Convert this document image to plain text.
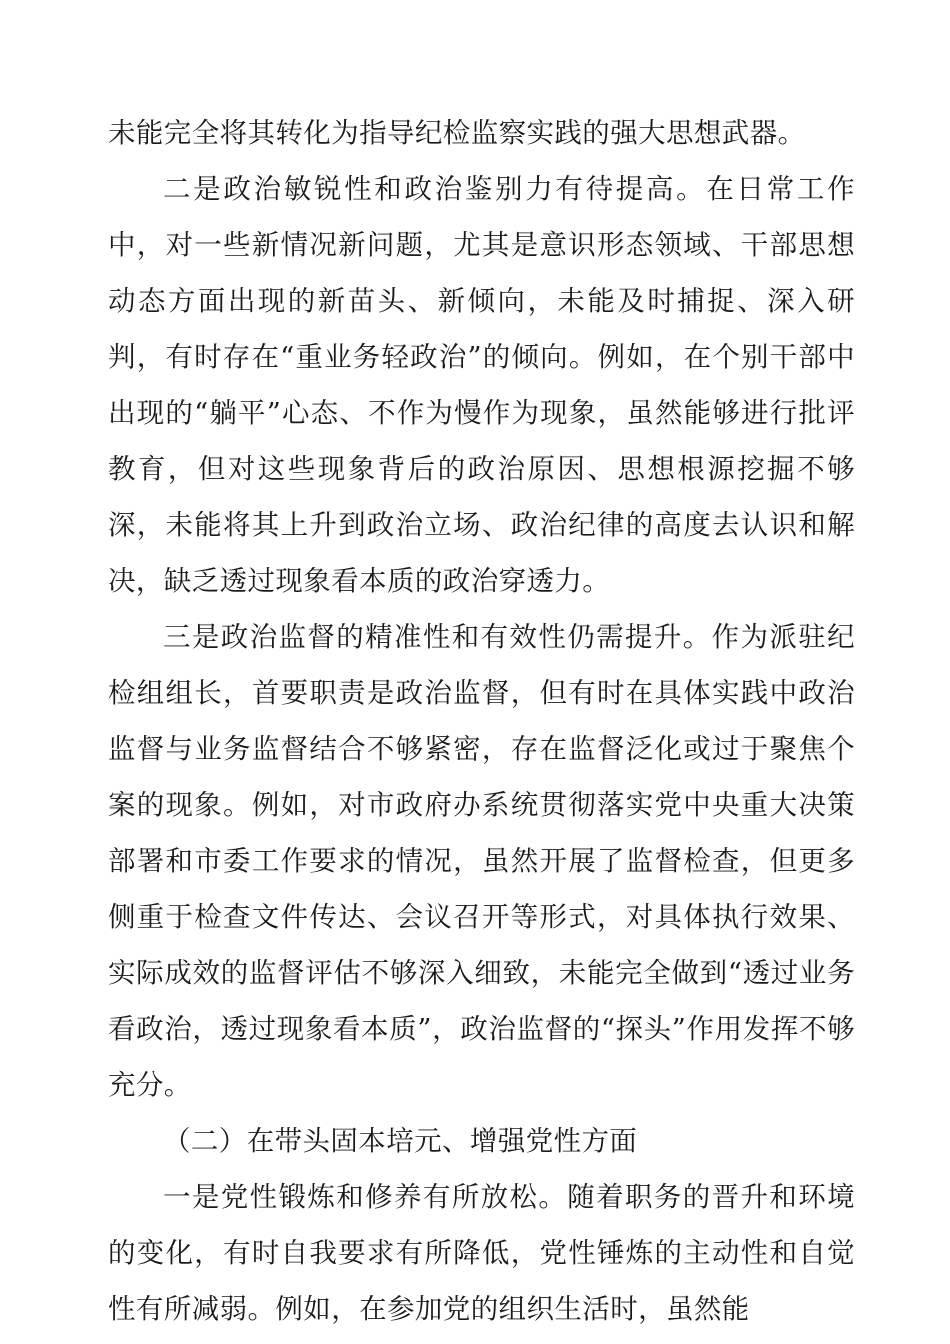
未能完全将其转化为指导纪检监察实践的强大思想武器。

二是政治敏锐性和政治鉴别力有待提高。在日常工作中，对一些新情况新问题，尤其是意识形态领域、干部思想动态方面出现的新苗头、新倾向，未能及时捕捉、深入研判，有时存在“重业务轻政治”的倾向。例如，在个别干部中出现的“躺平”心态、不作为慢作为现象，虽然能够进行批评教育，但对这些现象背后的政治原因、思想根源挖掘不够深，未能将其上升到政治立场、政治纪律的高度去认识和解决，缺乏透过现象看本质的政治穿透力。

三是政治监督的精准性和有效性仍需提升。作为派驻纪检组组长，首要职责是政治监督，但有时在具体实践中政治监督与业务监督结合不够紧密，存在监督泛化或过于聚焦个案的现象。例如，对市政府办系统贯彻落实党中央重大决策部署和市委工作要求的情况，虽然开展了监督检查，但更多侧重于检查文件传达、会议召开等形式，对具体执行效果、实际成效的监督评估不够深入细致，未能完全做到“透过业务看政治，透过现象看本质”，政治监督的“探头”作用发挥不够充分。

（二）在带头固本培元、增强党性方面

一是党性锻炼和修养有所放松。随着职务的晋升和环境的变化，有时自我要求有所降低，党性锤炼的主动性和自觉性有所减弱。例如，在参加党的组织生活时，虽然能
